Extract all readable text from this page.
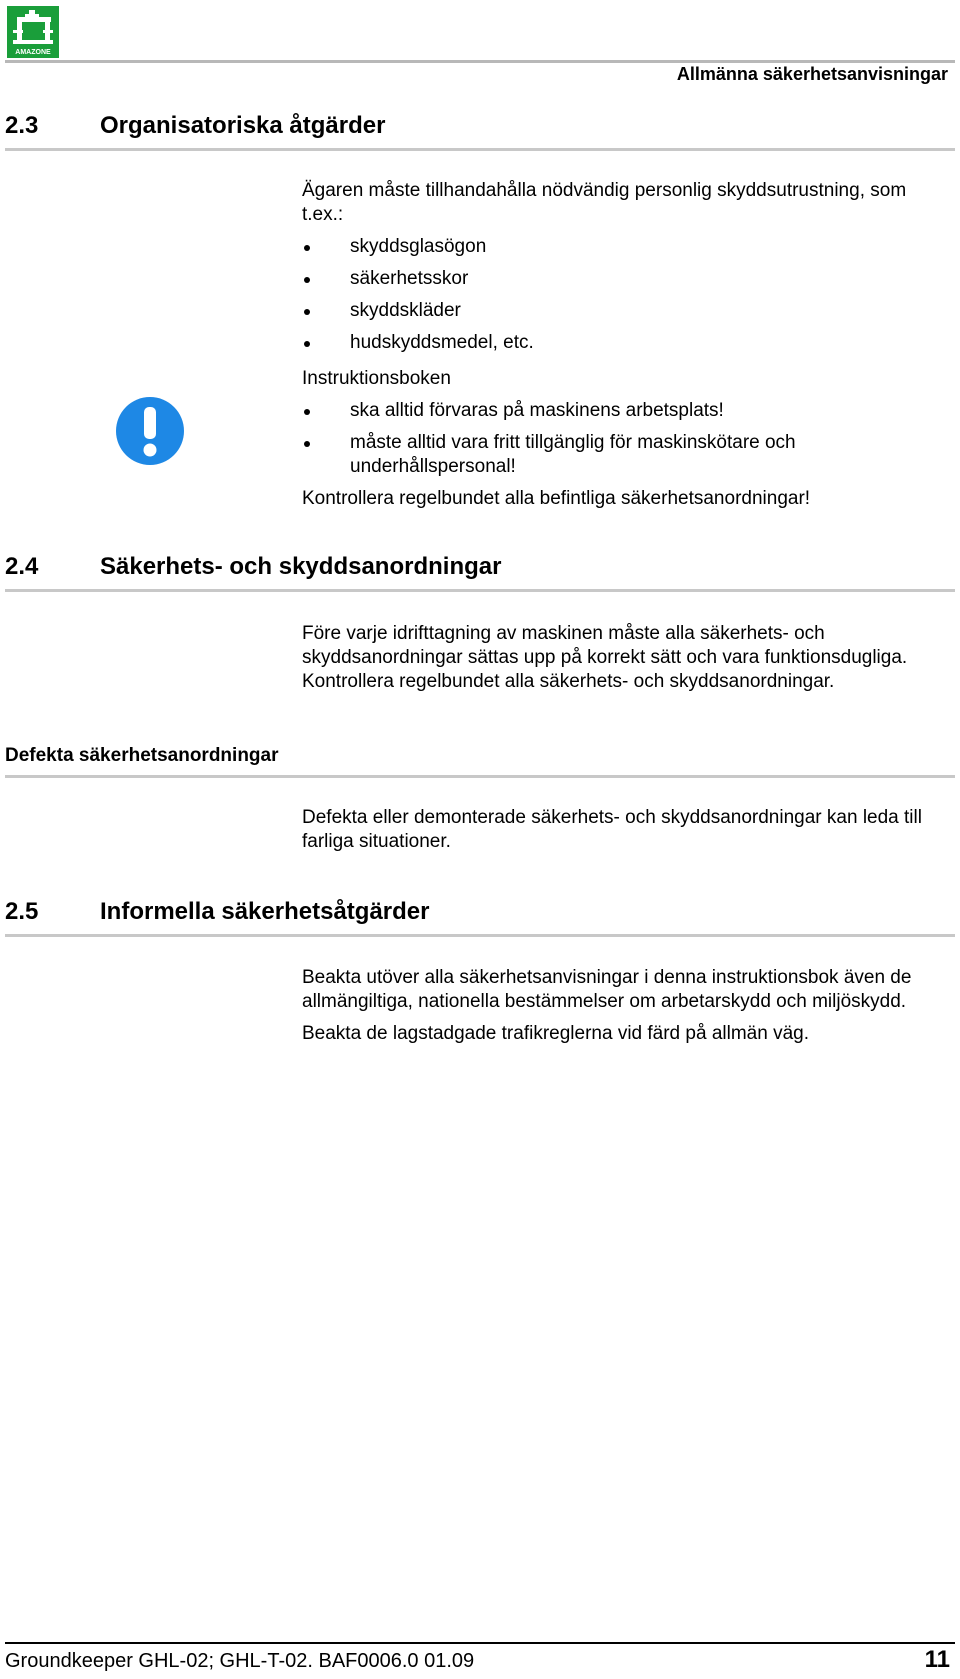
AMAZONE
Allmänna säkerhetsanvisningar
2.3	Organisatoriska åtgärder

Ägaren måste tillhandahålla nödvändig personlig skyddsutrustning, som t.ex.:

skyddsglasögon
säkerhetsskor
skyddskläder
hudskyddsmedel, etc.

Instruktionsboken

ska alltid förvaras på maskinens arbetsplats!
måste alltid vara fritt tillgänglig för maskinskötare och underhållspersonal!

Kontrollera regelbundet alla befintliga säkerhetsanordningar!

2.4	Säkerhets- och skyddsanordningar

Före varje idrifttagning av maskinen måste alla säkerhets- och skyddsanordningar sättas upp på korrekt sätt och vara funktionsdugliga. Kontrollera regelbundet alla säkerhets- och skyddsanordningar.

Defekta säkerhetsanordningar

Defekta eller demonterade säkerhets- och skyddsanordningar kan leda till farliga situationer.

2.5	Informella säkerhetsåtgärder

Beakta utöver alla säkerhetsanvisningar i denna instruktionsbok även de allmängiltiga, nationella bestämmelser om arbetarskydd och miljöskydd.

Beakta de lagstadgade trafikreglerna vid färd på allmän väg.

Groundkeeper GHL-02; GHL-T-02. BAF0006.0 01.09	11
